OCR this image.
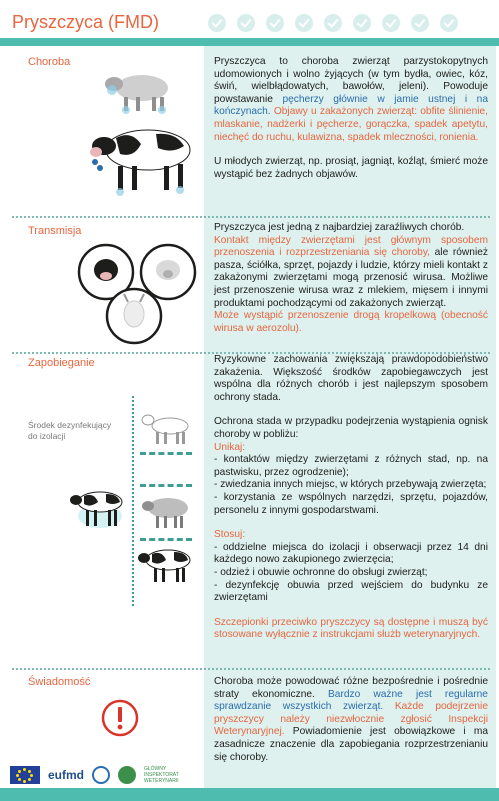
Pryszczyca (FMD)
Choroba	Pryszczyca to choroba zwierząt parzystokopytnych udomowionych i wolno żyjących (w tym bydła, owiec, kóz, świń, wielbłądowatych, bawołów, jeleni). Powoduje powstawanie pęcherzy głównie w jamie ustnej i na kończynach. Objawy u zakażonych zwierząt: obfite ślinienie, mlaskanie, nadżerki i pęcherze, gorączka, spadek apetytu, niechęć do ruchu, kulawizna, spadek mleczności, ronienia.

U młodych zwierząt, np. prosiąt, jagniąt, koźląt, śmierć może wystąpić bez żadnych objawów.

Transmisja	Pryszczyca jest jedną z najbardziej zaraźliwych chorób.

Kontakt między zwierzętami jest głównym sposobem przenoszenia i rozprzestrzeniania się choroby, ale również pasza, ściółka, sprzęt, pojazdy i ludzie, którzy mieli kontakt z zakażonymi zwierzętami mogą przenosić wirusa. Możliwe jest przenoszenie wirusa wraz z mlekiem, mięsem i innymi produktami pochodzącymi od zakażonych zwierząt.

Może wystąpić przenoszenie drogą kropelkową (obecność wirusa w aerozolu).

Zapobieganie
Środek dezynfekujący do izolacji

Ryzykowne zachowania zwiększają prawdopodobieństwo zakażenia. Większość środków zapobiegawczych jest wspólna dla różnych chorób i jest najlepszym sposobem ochrony stada.

Ochrona stada w przypadku podejrzenia wystąpienia ognisk choroby w pobliżu:

Unikaj:

- kontaktów między zwierzętami z różnych stad, np. na pastwisku, przez ogrodzenie);

- zwiedzania innych miejsc, w których przebywają zwierzęta;

- korzystania ze wspólnych narzędzi, sprzętu, pojazdów, personelu z innymi gospodarstwami.

Stosuj:

- oddzielne miejsca do izolacji i obserwacji przez 14 dni każdego nowo zakupionego zwierzęcia;

- odzież i obuwie ochronne do obsługi zwierząt;

- dezynfekcję obuwia przed wejściem do budynku ze zwierzętami

Szczepionki przeciwko pryszczycy są dostępne i muszą być stosowane wyłącznie z instrukcjami służb weterynaryjnych.

Świadomość	Choroba może powodować różne bezpośrednie i pośrednie straty ekonomiczne. Bardzo ważne jest regularne sprawdzanie wszystkich zwierząt. Każde podejrzenie pryszczycy należy niezwłocznie zgłosić Inspekcji Weterynaryjnej. Powiadomienie jest obowiązkowe i ma zasadnicze znaczenie dla zapobiegania rozprzestrzenianiu się choroby.

eufmd	GŁÓWNY INSPEKTORAT WETERYNARII
